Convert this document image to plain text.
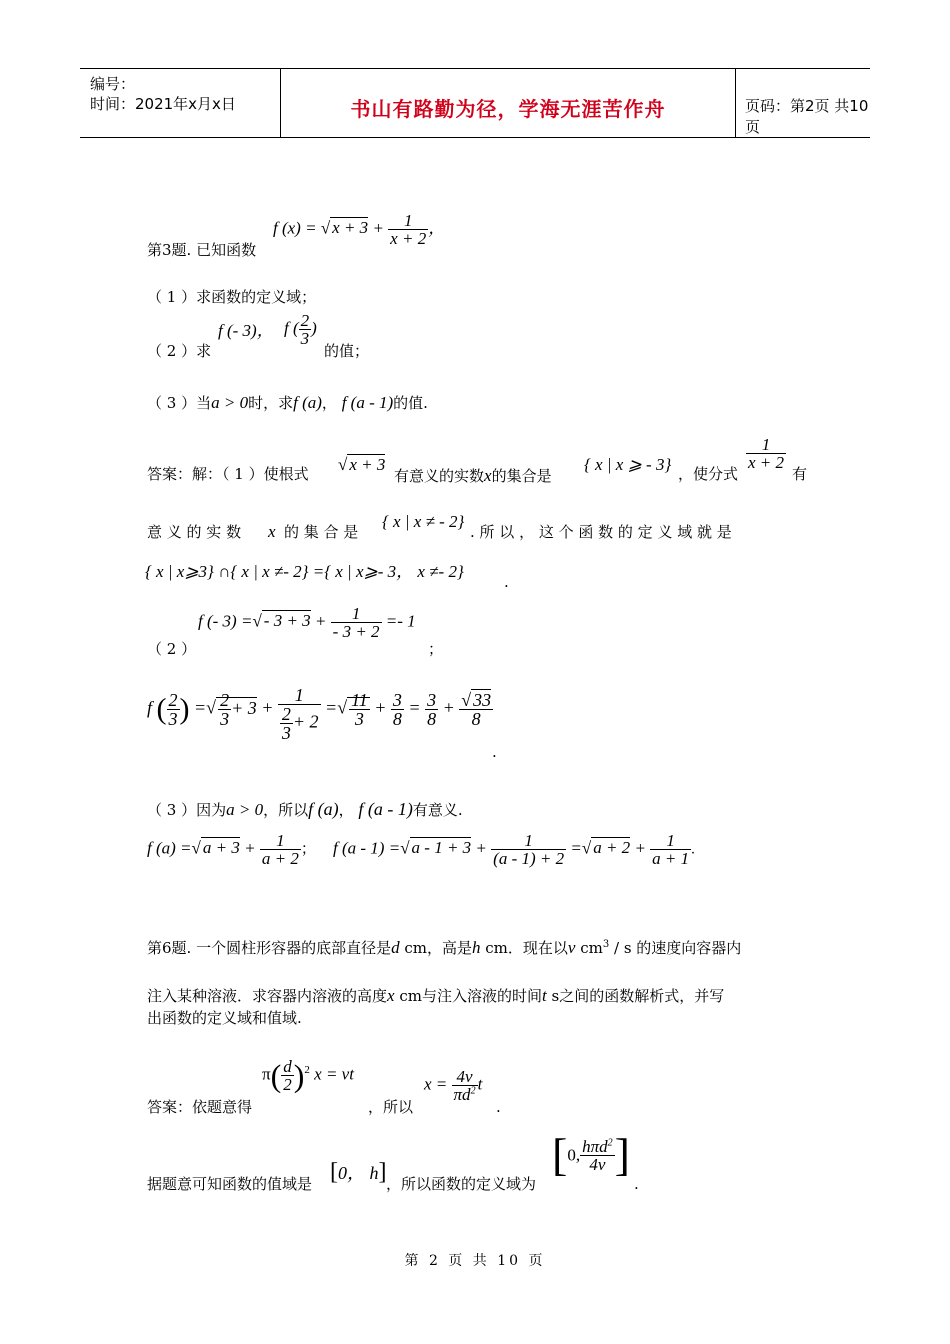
编号：
时间：2021年x月x日	书山有路勤为径，学海无涯苦作舟	页码：第2页 共10页
第3题. 已知函数
f (x) = √ $x + 3 + \frac{1}{x + 2}$ ，
（ 1 ）求函数的定义域；
（ 2 ）求
f (- 3)， f ( $\frac{2}{3}$ )
的值；
（ 3 ）当a > 0时，求f (a)， f (a - 1)的值.
答案：解：（ 1 ）使根式 √ x + 3
有意义的实数x的集合是
{ x | x ⩾ - 3} ，使分式
$\frac{1}{x + 2}$
有
意 义 的 实 数 x 的 集 合 是
{ x | x ≠ - 2}
. 所 以 ， 这 个 函 数 的 定 义 域 就 是
{ x | x⩾3} ∩{ x | x ≠- 2} ={ x | x⩾- 3， x ≠- 2}
.
（ 2 ）
f (- 3) =√ - $3 + 3 + \frac{1}{- 3 + 2} =- 1$
；
f ( $\frac{2}{3}$ ) =√ $\frac{2}{3} + 3 + \frac{1}{\frac{2}{3} + 2}$ =√ $\frac{11}{3} + \frac{3}{8} = \frac{3}{8} + \frac{√ 33}{8}$
.
（ 3 ）因为a > 0，所以f (a)， f (a - 1)有意义.
f (a) =√ $a + 3 + \frac{1}{a + 2}$ ； f (a - 1) =√ $a - 1 + 3 + \frac{1}{(a - 1) + 2}$ =√ $a + 2 + \frac{1}{a + 1}$ .
第6题. 一个圆柱形容器的底部直径是d cm，高是h cm．现在以v $cm^3$ / s 的速度向容器内
注入某种溶液．求容器内溶液的高度x cm与注入溶液的时间t s之间的函数解析式，并写
出函数的定义域和值域.
答案：依题意得
$\pi( \frac{d}{2} )^2$ x = vt
，所以
$x = \frac{4v}{\pi d^2}$ t
.
据题意可知函数的值域是 [0， h] ，所以函数的定义域为
[0, $\frac{h\pi d^2}{4v}$ ]
.
第 2 页 共 10 页
